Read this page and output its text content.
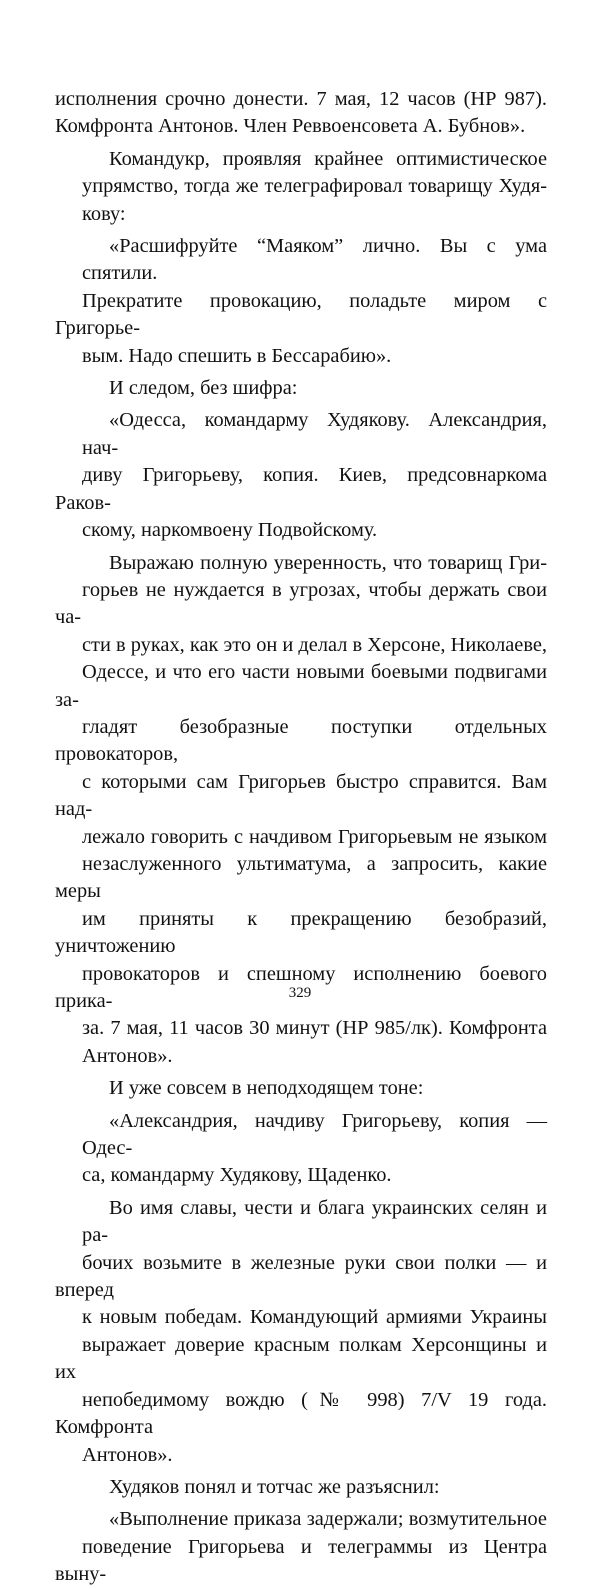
исполнения срочно донести. 7 мая, 12 часов (НР 987).
Комфронта Антонов. Член Реввоенсовета А. Бубнов».

Командукр, проявляя крайнее оптимистическое
упрямство, тогда же телеграфировал товарищу Худя-
кову:

«Расшифруйте “Маяком” лично. Вы с ума спятили.
Прекратите провокацию, поладьте миром с Григорье-
вым. Надо спешить в Бессарабию».

И следом, без шифра:

«Одесса, командарму Худякову. Александрия, нач-
диву Григорьеву, копия. Киев, предсовнаркома Раков-
скому, наркомвоену Подвойскому.

Выражаю полную уверенность, что товарищ Гри-
горьев не нуждается в угрозах, чтобы держать свои ча-
сти в руках, как это он и делал в Херсоне, Николаеве,
Одессе, и что его части новыми боевыми подвигами за-
гладят безобразные поступки отдельных провокаторов,
с которыми сам Григорьев быстро справится. Вам над-
лежало говорить с начдивом Григорьевым не языком
незаслуженного ультиматума, а запросить, какие меры
им приняты к прекращению безобразий, уничтожению
провокаторов и спешному исполнению боевого прика-
за. 7 мая, 11 часов 30 минут (НР 985/лк). Комфронта
Антонов».

И уже совсем в неподходящем тоне:

«Александрия, начдиву Григорьеву, копия — Одес-
са, командарму Худякову, Щаденко.

Во имя славы, чести и блага украинских селян и ра-
бочих возьмите в железные руки свои полки — и вперед
к новым победам. Командующий армиями Украины
выражает доверие красным полкам Херсонщины и их
непобедимому вождю (№ 998) 7/V 19 года. Комфронта
Антонов».

Худяков понял и тотчас же разъяснил:

«Выполнение приказа задержали; возмутительное
поведение Григорьева и телеграммы из Центра выну-

329
